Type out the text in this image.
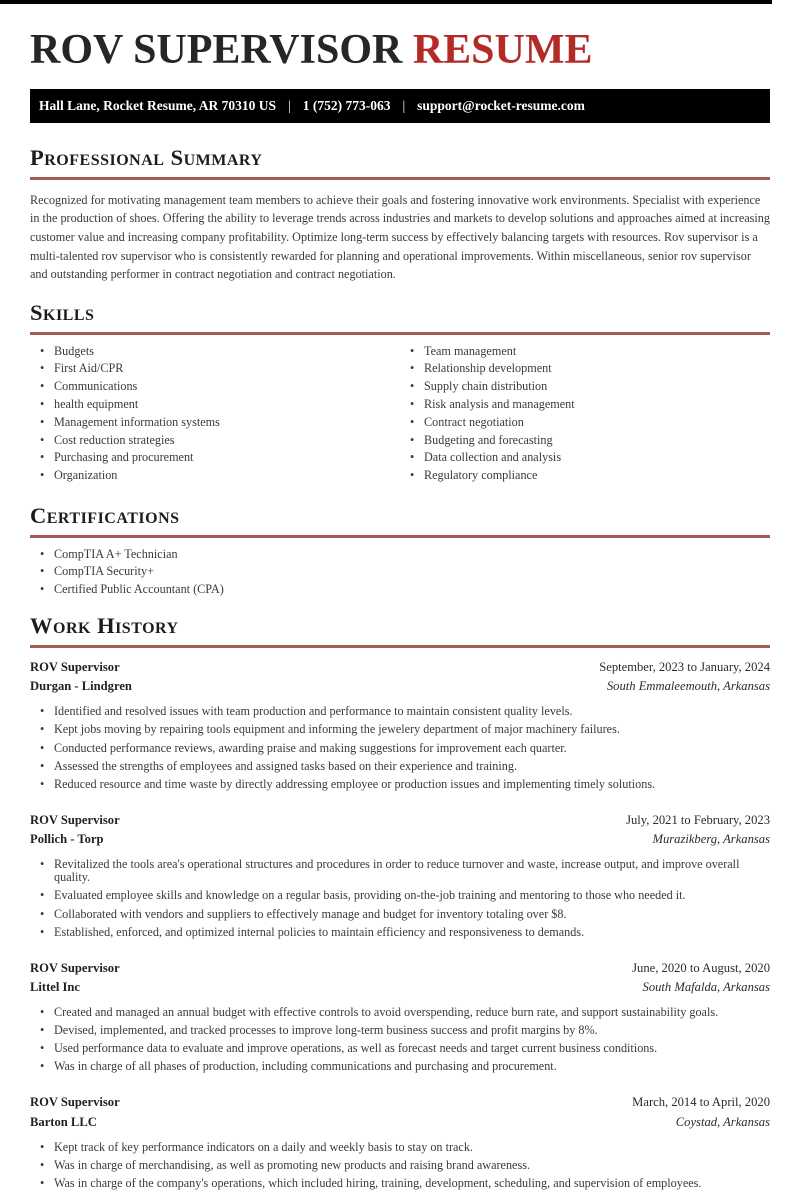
ROV SUPERVISOR RESUME
Hall Lane, Rocket Resume, AR 70310 US | 1 (752) 773-063 | support@rocket-resume.com
Professional Summary

Recognized for motivating management team members to achieve their goals and fostering innovative work environments. Specialist with experience in the production of shoes. Offering the ability to leverage trends across industries and markets to develop solutions and approaches aimed at increasing customer value and increasing company profitability. Optimize long-term success by effectively balancing targets with resources. Rov supervisor is a multi-talented rov supervisor who is consistently rewarded for planning and operational improvements. Within miscellaneous, senior rov supervisor and outstanding performer in contract negotiation and contract negotiation.

Skills
• Budgets
• First Aid/CPR
• Communications
• health equipment
• Management information systems
• Cost reduction strategies
• Purchasing and procurement
• Organization
• Team management
• Relationship development
• Supply chain distribution
• Risk analysis and management
• Contract negotiation
• Budgeting and forecasting
• Data collection and analysis
• Regulatory compliance
Certifications
• CompTIA A+ Technician
• CompTIA Security+
• Certified Public Accountant (CPA)
Work History
ROV Supervisor	September, 2023 to January, 2024
Durgan - Lindgren	South Emmaleemouth, Arkansas
• Identified and resolved issues with team production and performance to maintain consistent quality levels.
• Kept jobs moving by repairing tools equipment and informing the jewelery department of major machinery failures.
• Conducted performance reviews, awarding praise and making suggestions for improvement each quarter.
• Assessed the strengths of employees and assigned tasks based on their experience and training.
• Reduced resource and time waste by directly addressing employee or production issues and implementing timely solutions.
ROV Supervisor	July, 2021 to February, 2023
Pollich - Torp	Murazikberg, Arkansas
• Revitalized the tools area's operational structures and procedures in order to reduce turnover and waste, increase output, and improve overall quality.
• Evaluated employee skills and knowledge on a regular basis, providing on-the-job training and mentoring to those who needed it.
• Collaborated with vendors and suppliers to effectively manage and budget for inventory totaling over $8.
• Established, enforced, and optimized internal policies to maintain efficiency and responsiveness to demands.
ROV Supervisor	June, 2020 to August, 2020
Littel Inc	South Mafalda, Arkansas
• Created and managed an annual budget with effective controls to avoid overspending, reduce burn rate, and support sustainability goals.
• Devised, implemented, and tracked processes to improve long-term business success and profit margins by 8%.
• Used performance data to evaluate and improve operations, as well as forecast needs and target current business conditions.
• Was in charge of all phases of production, including communications and purchasing and procurement.
ROV Supervisor	March, 2014 to April, 2020
Barton LLC	Coystad, Arkansas
• Kept track of key performance indicators on a daily and weekly basis to stay on track.
• Was in charge of merchandising, as well as promoting new products and raising brand awareness.
• Was in charge of the company's operations, which included hiring, training, development, scheduling, and supervision of employees.
